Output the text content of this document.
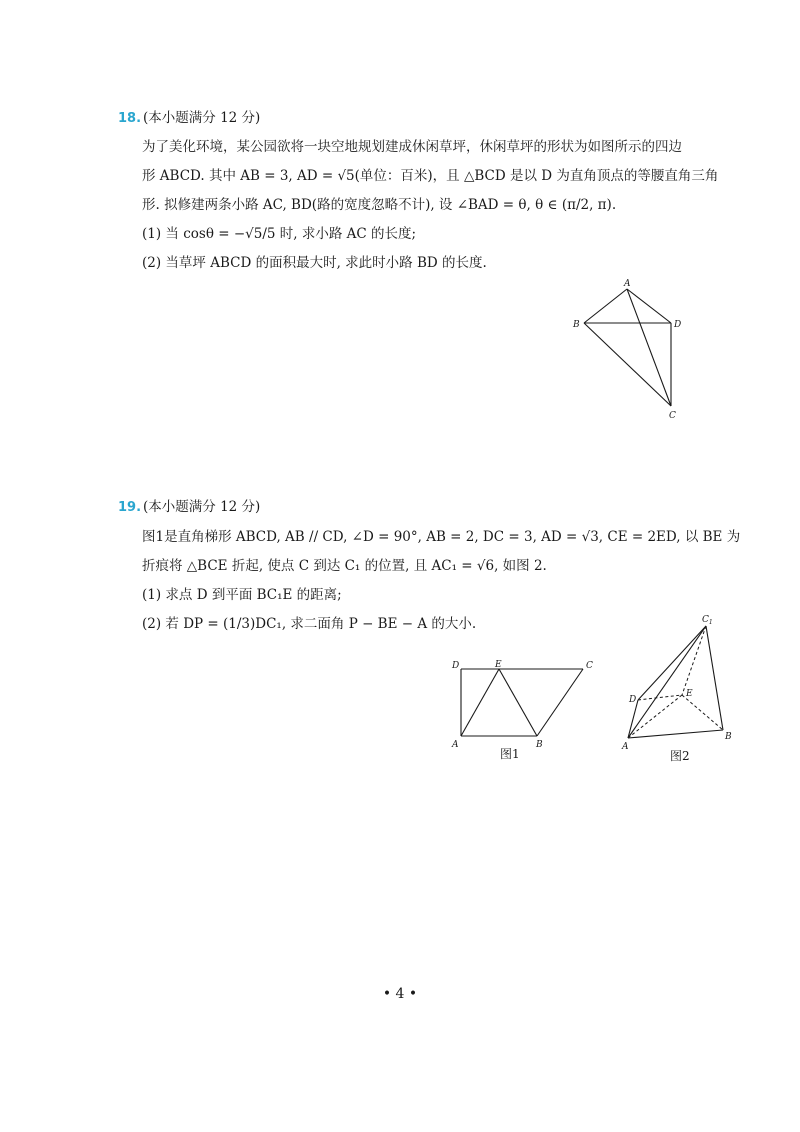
18. (本小题满分 12 分)
为了美化环境，某公园欲将一块空地规划建成休闲草坪，休闲草坪的形状为如图所示的四边
形 ABCD. 其中 AB = 3, AD = √5(单位：百米)，且 △BCD 是以 D 为直角顶点的等腰直角三角
形. 拟修建两条小路 AC, BD(路的宽度忽略不计), 设 ∠BAD = θ, θ ∈ (π/2, π).
(1) 当 cosθ = −√5/5 时, 求小路 AC 的长度;
(2) 当草坪 ABCD 的面积最大时, 求此时小路 BD 的长度.
A
B	D
C
19. (本小题满分 12 分)
图1是直角梯形 ABCD, AB // CD, ∠D = 90°, AB = 2, DC = 3, AD = √3, CE = 2ED, 以 BE 为
折痕将 △BCE 折起, 使点 C 到达 C₁ 的位置, 且 AC₁ = √6, 如图 2.
(1) 求点 D 到平面 BC₁E 的距离;
(2) 若 DP = (1/3)DC₁, 求二面角 P − BE − A 的大小.
D	E	C
A	B
图1
$C_1$
D
E
A
B
图2
• 4 •
